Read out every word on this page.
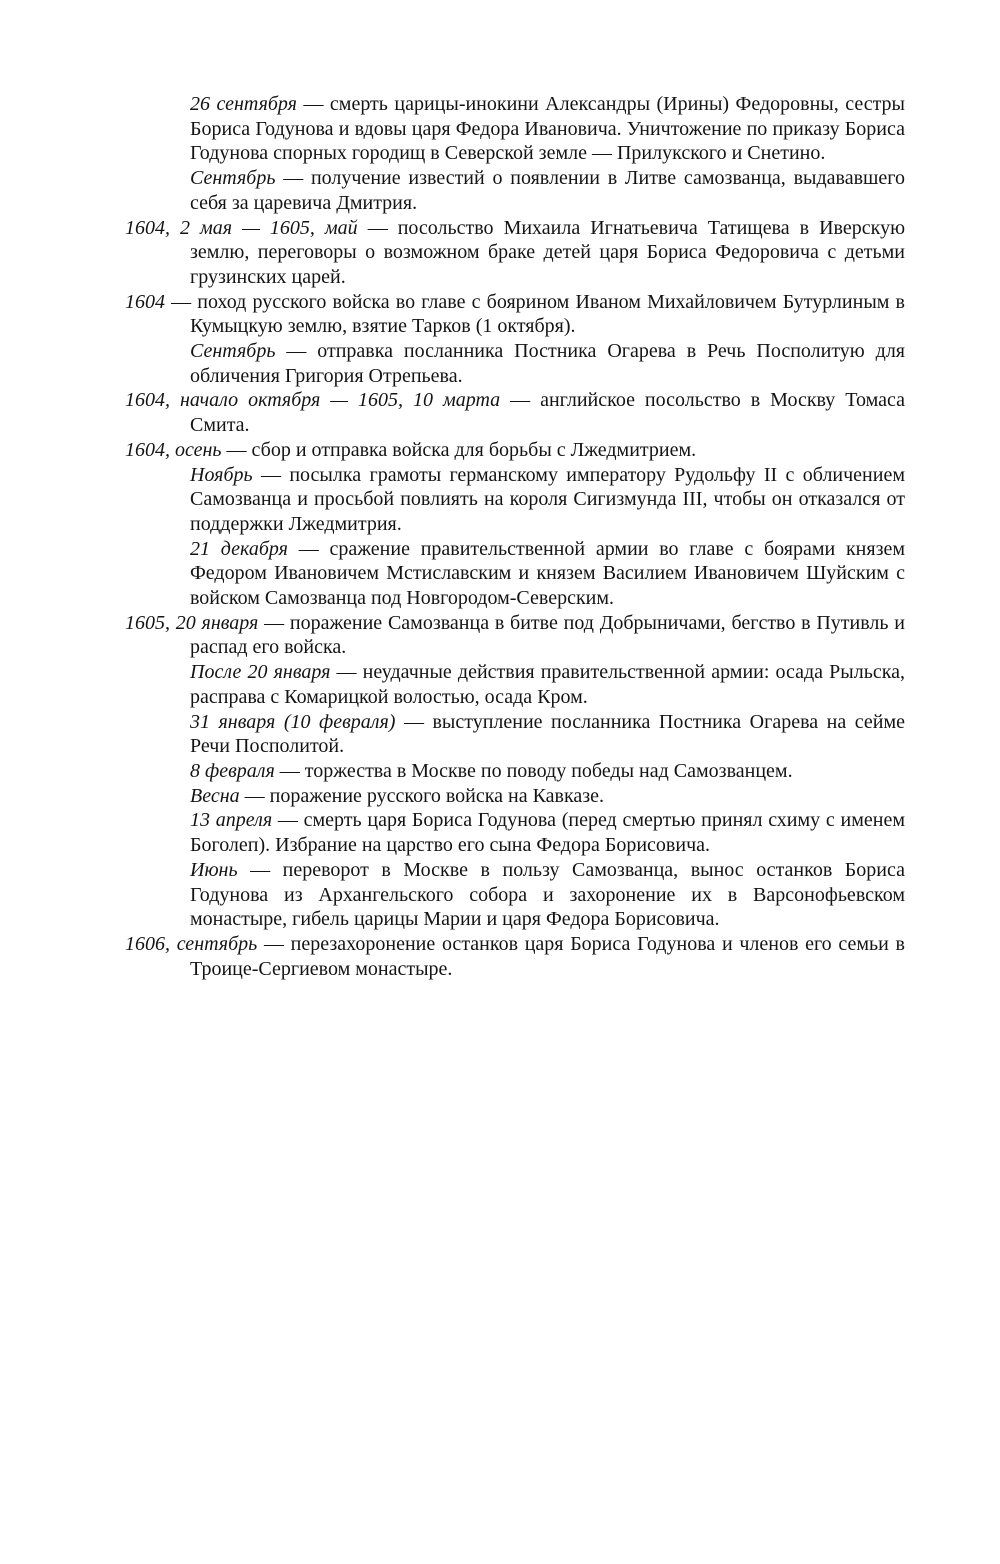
26 сентября — смерть царицы-инокини Александры (Ирины) Федоровны, сестры Бориса Годунова и вдовы царя Федора Ивановича. Уничтожение по приказу Бориса Годунова спорных городищ в Северской земле — Прилукского и Снетино.

Сентябрь — получение известий о появлении в Литве самозванца, выдававшего себя за царевича Дмитрия.

1604, 2 мая — 1605, май — посольство Михаила Игнатьевича Татищева в Иверскую землю, переговоры о возможном браке детей царя Бориса Федоровича с детьми грузинских царей.

1604 — поход русского войска во главе с боярином Иваном Михайловичем Бутурлиным в Кумыцкую землю, взятие Тарков (1 октября).

Сентябрь — отправка посланника Постника Огарева в Речь Посполитую для обличения Григория Отрепьева.

1604, начало октября — 1605, 10 марта — английское посольство в Москву Томаса Смита.

1604, осень — сбор и отправка войска для борьбы с Лжедмитрием.

Ноябрь — посылка грамоты германскому императору Рудольфу II с обличением Самозванца и просьбой повлиять на короля Сигизмунда III, чтобы он отказался от поддержки Лжедмитрия.

21 декабря — сражение правительственной армии во главе с боярами князем Федором Ивановичем Мстиславским и князем Василием Ивановичем Шуйским с войском Самозванца под Новгородом-Северским.

1605, 20 января — поражение Самозванца в битве под Добрыничами, бегство в Путивль и распад его войска.

После 20 января — неудачные действия правительственной армии: осада Рыльска, расправа с Комарицкой волостью, осада Кром.

31 января (10 февраля) — выступление посланника Постника Огарева на сейме Речи Посполитой.

8 февраля — торжества в Москве по поводу победы над Самозванцем.

Весна — поражение русского войска на Кавказе.

13 апреля — смерть царя Бориса Годунова (перед смертью принял схиму с именем Боголеп). Избрание на царство его сына Федора Борисовича.

Июнь — переворот в Москве в пользу Самозванца, вынос останков Бориса Годунова из Архангельского собора и захоронение их в Варсонофьевском монастыре, гибель царицы Марии и царя Федора Борисовича.

1606, сентябрь — перезахоронение останков царя Бориса Годунова и членов его семьи в Троице-Сергиевом монастыре.
